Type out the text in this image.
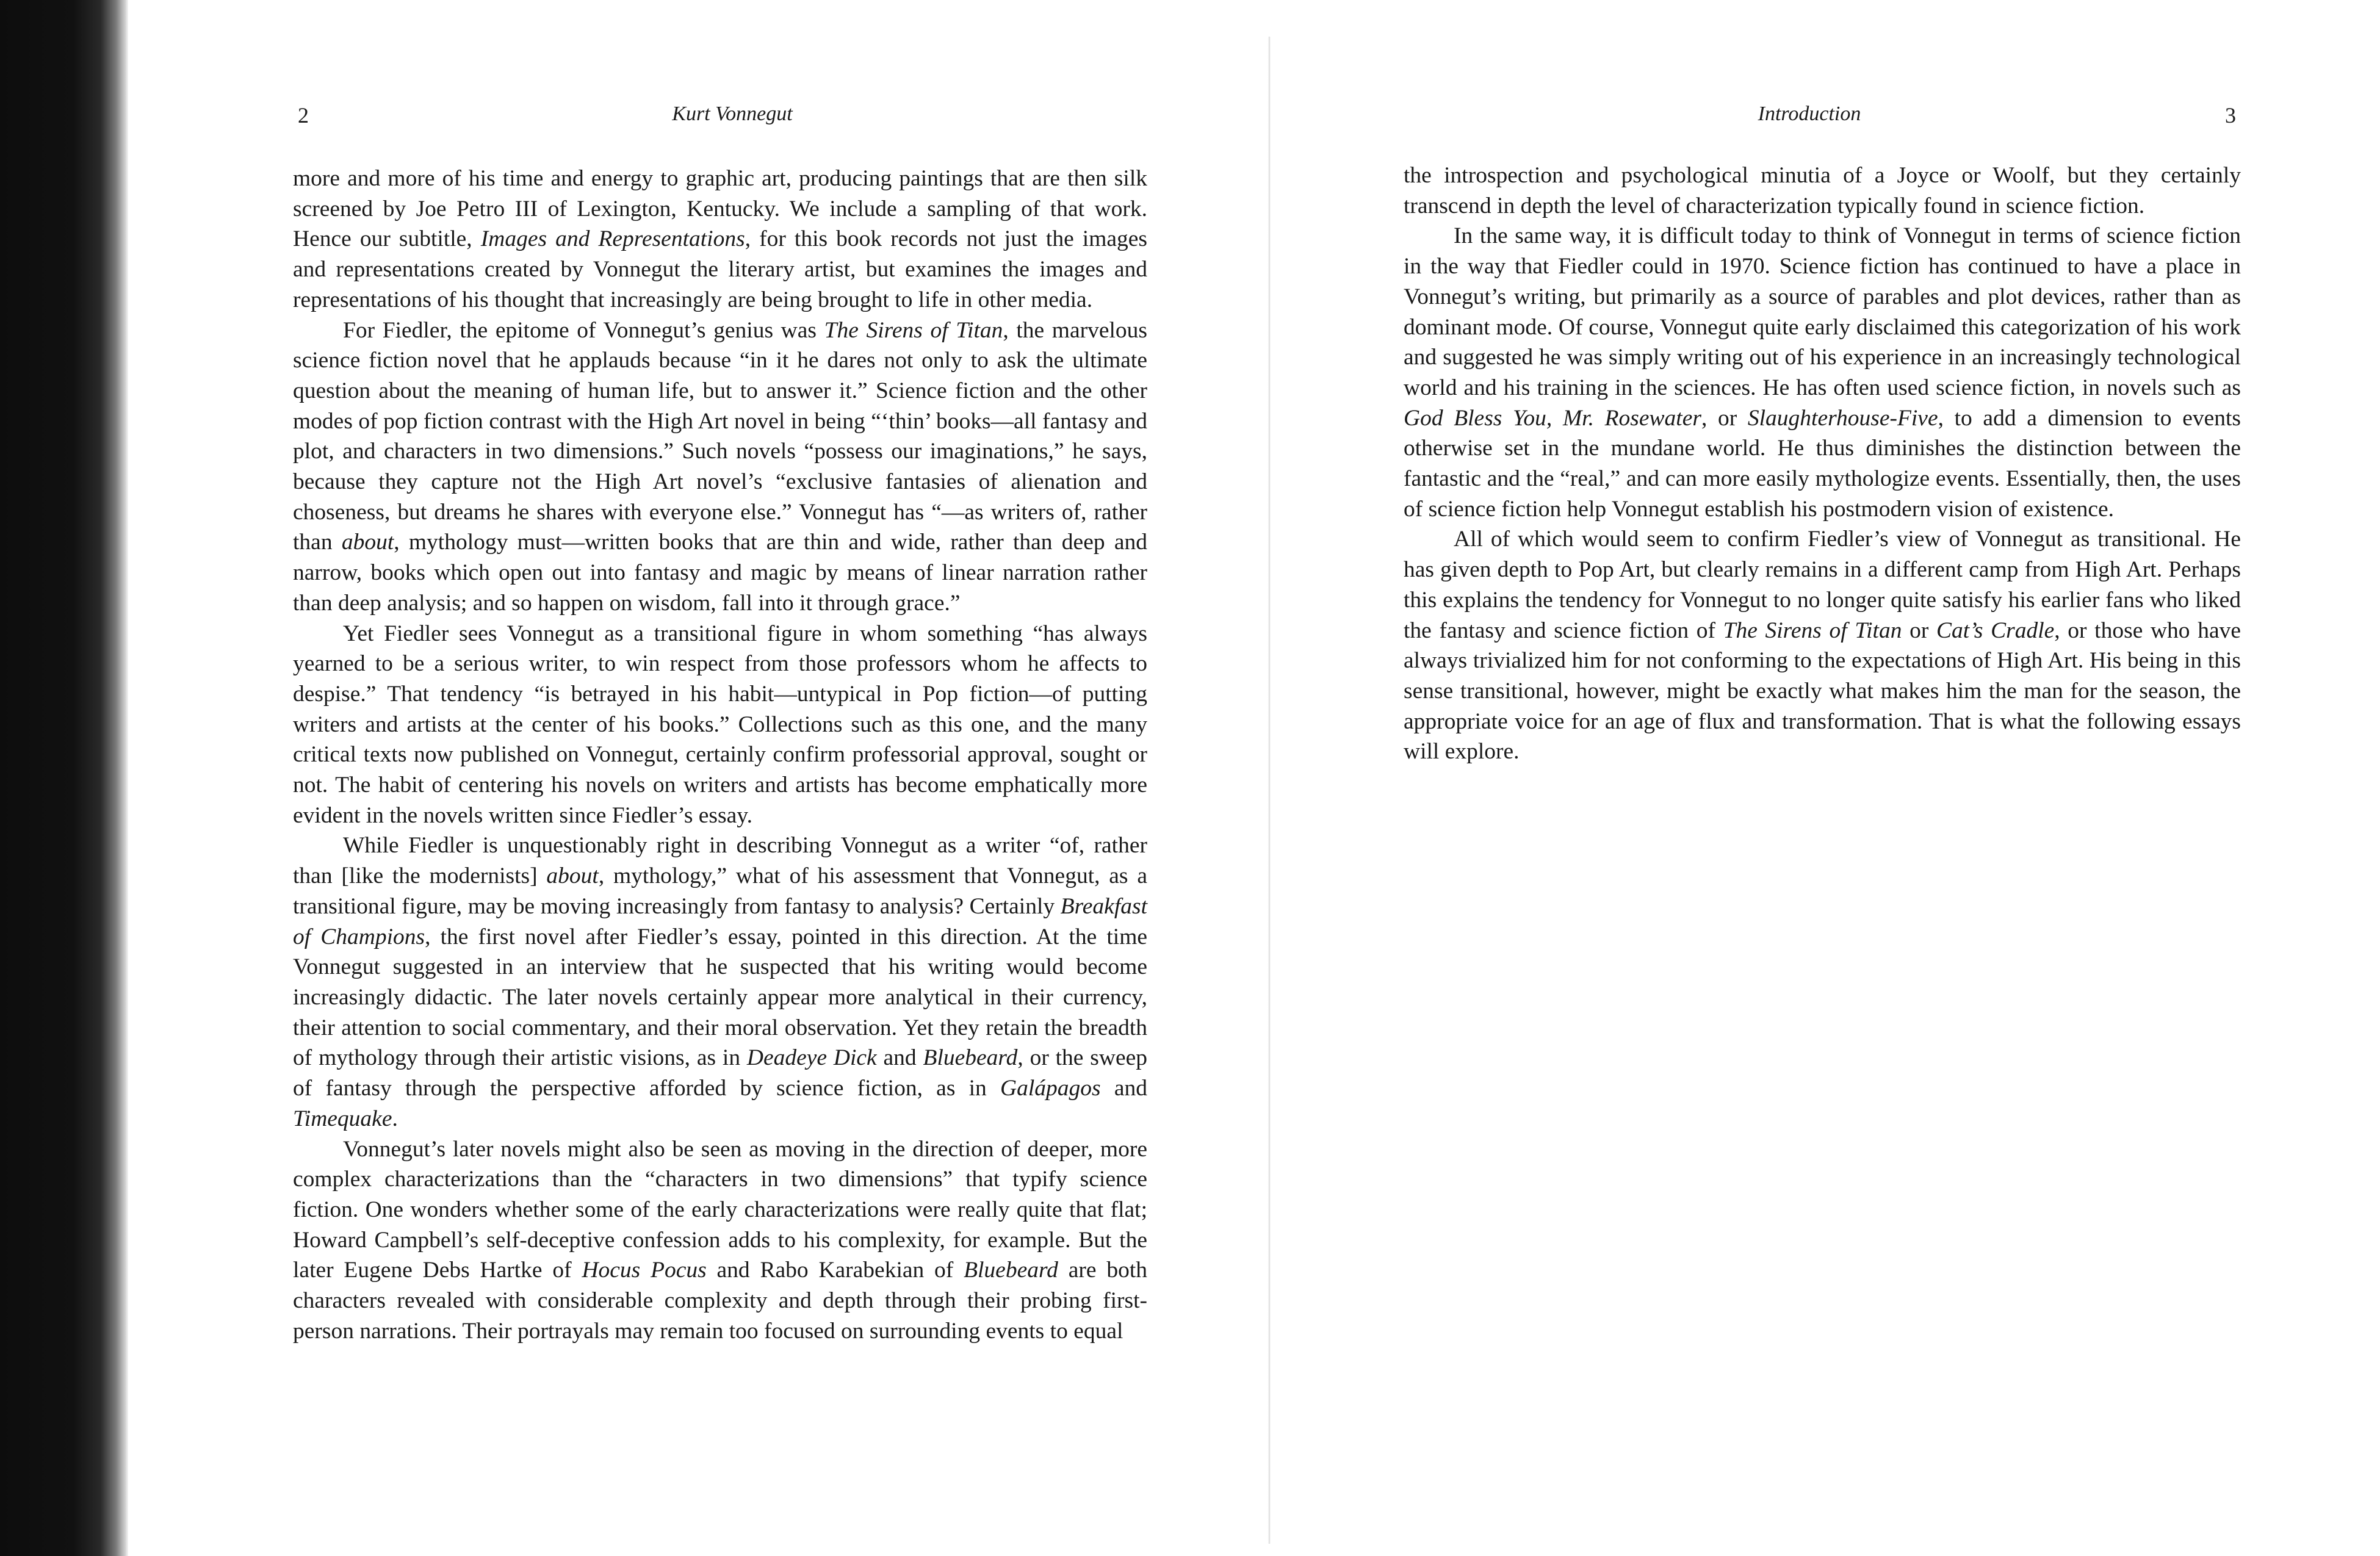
2	Kurt Vonnegut

more and more of his time and energy to graphic art, producing paintings that are then silk screened by Joe Petro III of Lexington, Kentucky. We include a sampling of that work. Hence our subtitle, Images and Representations, for this book records not just the images and representations created by Vonnegut the literary artist, but examines the images and representations of his thought that increasingly are being brought to life in other media.

For Fiedler, the epitome of Vonnegut’s genius was The Sirens of Titan, the marvelous science fiction novel that he applauds because “in it he dares not only to ask the ultimate question about the meaning of human life, but to answer it.” Science fiction and the other modes of pop fiction contrast with the High Art novel in being “‘thin’ books—all fantasy and plot, and characters in two dimensions.” Such novels “possess our imaginations,” he says, because they capture not the High Art novel’s “exclusive fantasies of alienation and choseness, but dreams he shares with everyone else.” Vonnegut has “—as writers of, rather than about, mythology must—written books that are thin and wide, rather than deep and narrow, books which open out into fantasy and magic by means of linear narration rather than deep analysis; and so happen on wisdom, fall into it through grace.”

Yet Fiedler sees Vonnegut as a transitional figure in whom something “has always yearned to be a serious writer, to win respect from those professors whom he affects to despise.” That tendency “is betrayed in his habit—untypical in Pop fiction—of putting writers and artists at the center of his books.” Collections such as this one, and the many critical texts now published on Vonnegut, certainly confirm professorial approval, sought or not. The habit of centering his novels on writers and artists has become emphatically more evident in the novels written since Fiedler’s essay.

While Fiedler is unquestionably right in describing Vonnegut as a writer “of, rather than [like the modernists] about, mythology,” what of his assessment that Vonnegut, as a transitional figure, may be moving increasingly from fantasy to analysis? Certainly Breakfast of Champions, the first novel after Fiedler’s essay, pointed in this direction. At the time Vonnegut suggested in an interview that he suspected that his writing would become increasingly didactic. The later novels certainly appear more analytical in their currency, their attention to social commentary, and their moral observation. Yet they retain the breadth of mythology through their artistic visions, as in Deadeye Dick and Bluebeard, or the sweep of fantasy through the perspective afforded by science fiction, as in Galápagos and Timequake.

Vonnegut’s later novels might also be seen as moving in the direction of deeper, more complex characterizations than the “characters in two dimensions” that typify science fiction. One wonders whether some of the early characterizations were really quite that flat; Howard Campbell’s self-deceptive confession adds to his complexity, for example. But the later Eugene Debs Hartke of Hocus Pocus and Rabo Karabekian of Bluebeard are both characters revealed with considerable complexity and depth through their probing first-person narrations. Their portrayals may remain too focused on surrounding events to equal

Introduction	3

the introspection and psychological minutia of a Joyce or Woolf, but they certainly transcend in depth the level of characterization typically found in science fiction.

In the same way, it is difficult today to think of Vonnegut in terms of science fiction in the way that Fiedler could in 1970. Science fiction has continued to have a place in Vonnegut’s writing, but primarily as a source of parables and plot devices, rather than as dominant mode. Of course, Vonnegut quite early disclaimed this categorization of his work and suggested he was simply writing out of his experience in an increasingly technological world and his training in the sciences. He has often used science fiction, in novels such as God Bless You, Mr. Rosewater, or Slaughterhouse-Five, to add a dimension to events otherwise set in the mundane world. He thus diminishes the distinction between the fantastic and the “real,” and can more easily mythologize events. Essentially, then, the uses of science fiction help Vonnegut establish his postmodern vision of existence.

All of which would seem to confirm Fiedler’s view of Vonnegut as transitional. He has given depth to Pop Art, but clearly remains in a different camp from High Art. Perhaps this explains the tendency for Vonnegut to no longer quite satisfy his earlier fans who liked the fantasy and science fiction of The Sirens of Titan or Cat’s Cradle, or those who have always trivialized him for not conforming to the expectations of High Art. His being in this sense transitional, however, might be exactly what makes him the man for the season, the appropriate voice for an age of flux and transformation. That is what the following essays will explore.
